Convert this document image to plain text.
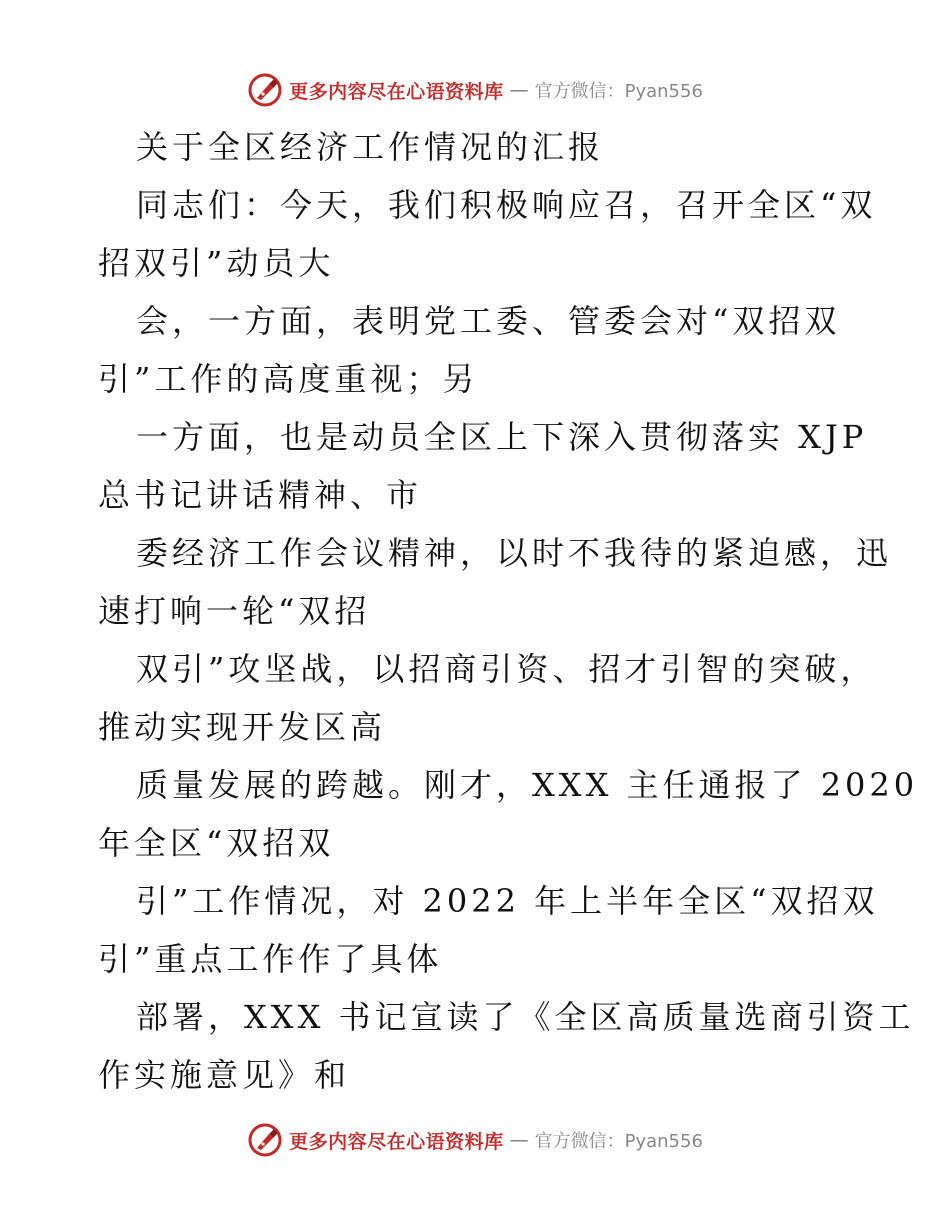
更多内容尽在心语资料库 — 官方微信：Pyan556
关于全区经济工作情况的汇报
同志们：今天，我们积极响应召，召开全区“双
招双引”动员大
会，一方面，表明党工委、管委会对“双招双
引”工作的高度重视；另
一方面，也是动员全区上下深入贯彻落实 XJP
总书记讲话精神、市
委经济工作会议精神，以时不我待的紧迫感，迅
速打响一轮“双招
双引”攻坚战，以招商引资、招才引智的突破，
推动实现开发区高
质量发展的跨越。刚才，XXX 主任通报了 2020
年全区“双招双
引”工作情况，对 2022 年上半年全区“双招双
引”重点工作作了具体
部署，XXX 书记宣读了《全区高质量选商引资工
作实施意见》和
更多内容尽在心语资料库 — 官方微信：Pyan556
